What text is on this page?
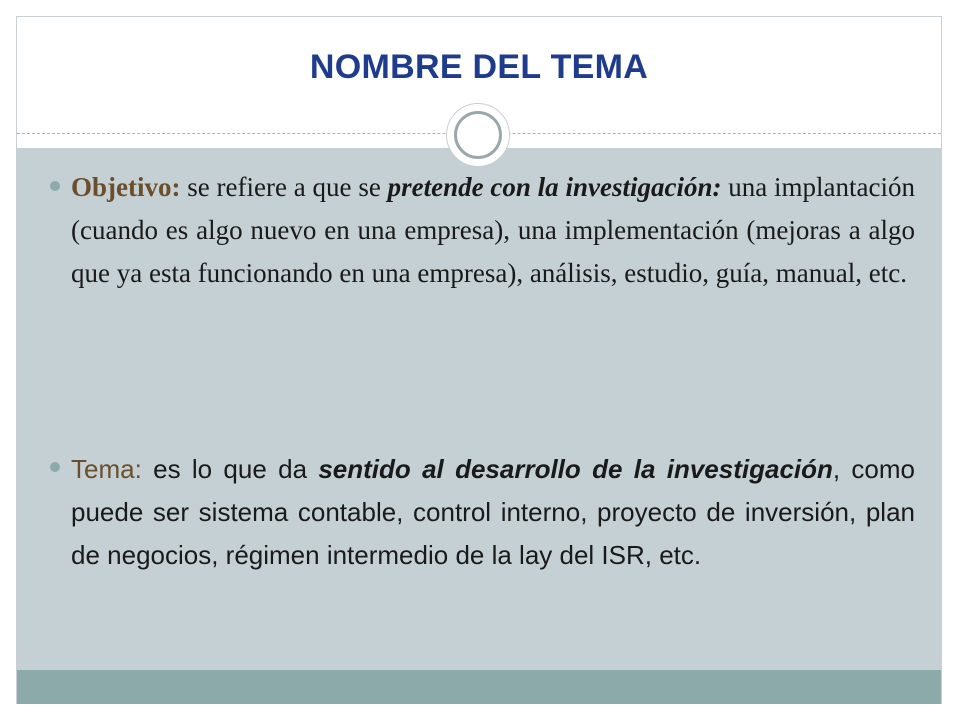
NOMBRE DEL TEMA

Objetivo: se refiere a que se pretende con la investigación: una implantación (cuando es algo nuevo en una empresa), una implementación (mejoras a algo que ya esta funcionando en una empresa), análisis, estudio, guía, manual, etc.

Tema: es lo que da sentido al desarrollo de la investigación, como puede ser sistema contable, control interno, proyecto de inversión, plan de negocios, régimen intermedio de la lay del ISR, etc.
